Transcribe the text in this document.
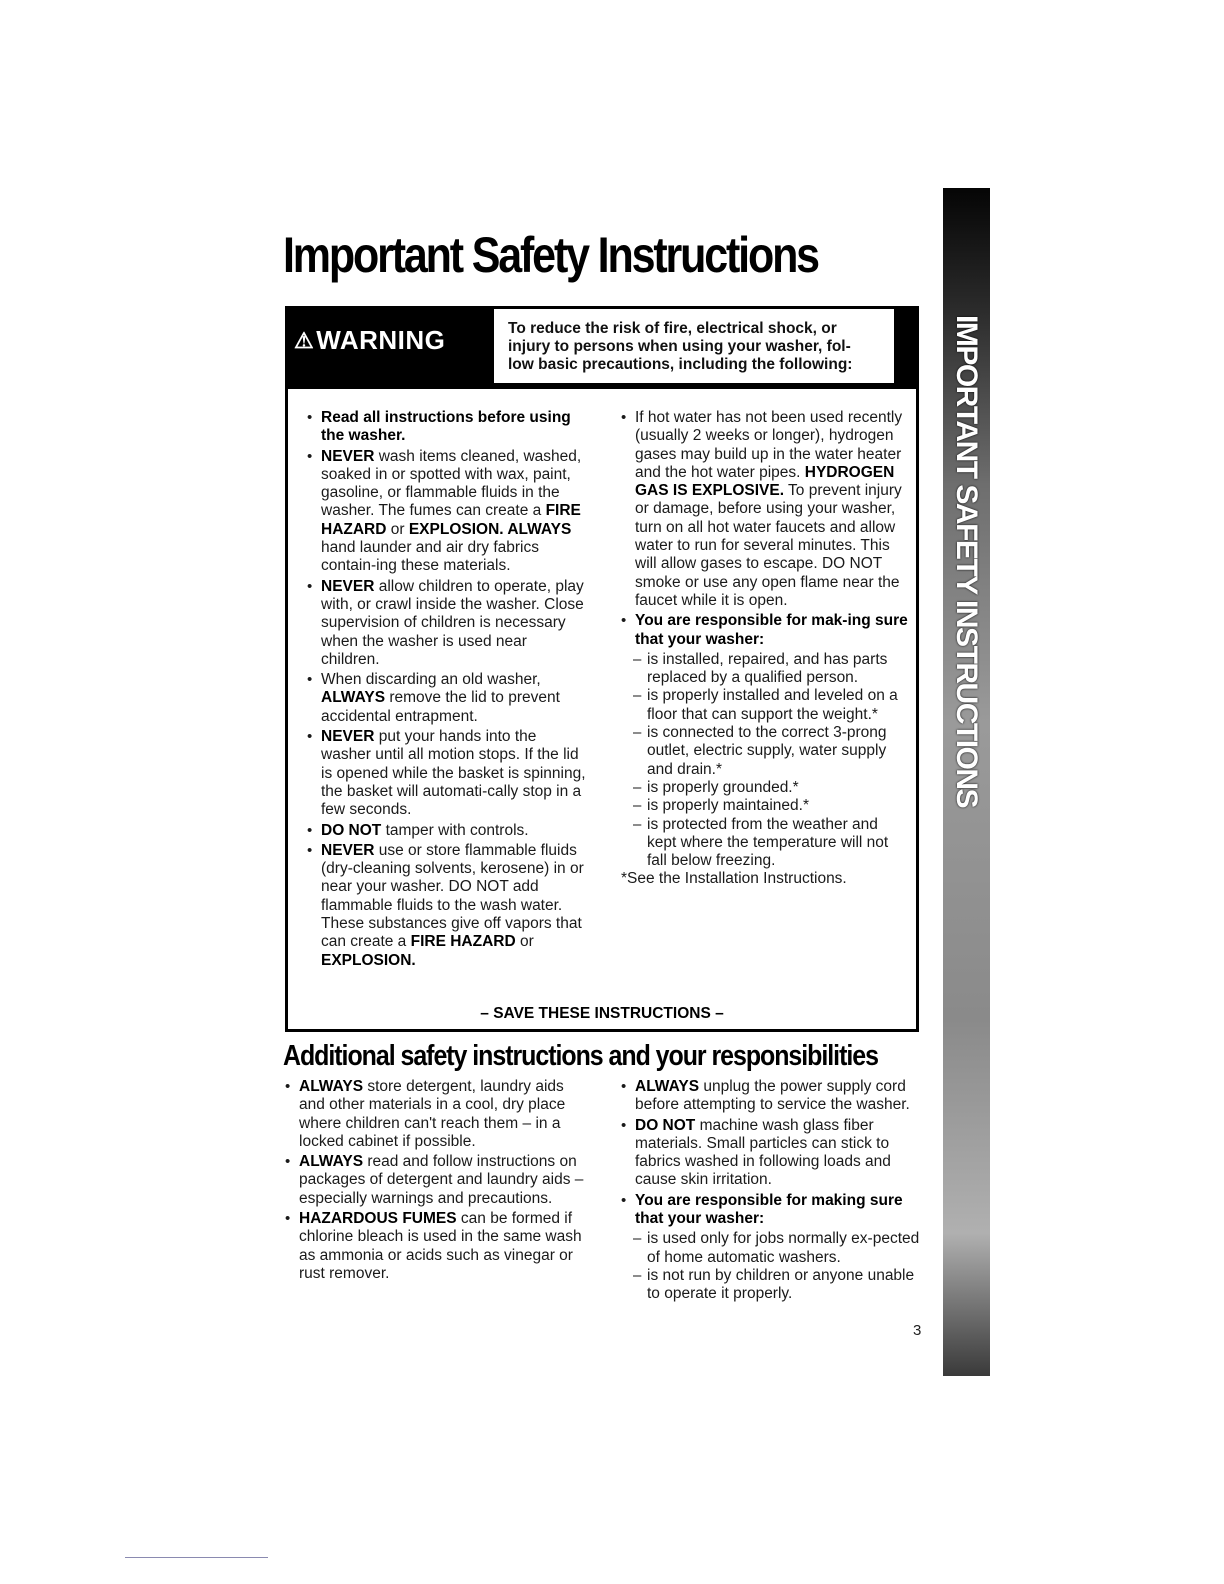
Important Safety Instructions
⚠ WARNING	To reduce the risk of fire, electrical shock, or
injury to persons when using your washer, fol-
low basic precautions, including the following:
• Read all instructions before using the washer.
• NEVER wash items cleaned, washed, soaked in or spotted with wax, paint, gasoline, or flammable fluids in the washer. The fumes can create a FIRE HAZARD or EXPLOSION. ALWAYS hand launder and air dry fabrics contain-ing these materials.
• NEVER allow children to operate, play with, or crawl inside the washer. Close supervision of children is necessary when the washer is used near children.
• When discarding an old washer, ALWAYS remove the lid to prevent accidental entrapment.
• NEVER put your hands into the washer until all motion stops. If the lid is opened while the basket is spinning, the basket will automati-cally stop in a few seconds.
• DO NOT tamper with controls.
• NEVER use or store flammable fluids (dry-cleaning solvents, kerosene) in or near your washer. DO NOT add flammable fluids to the wash water. These substances give off vapors that can create a FIRE HAZARD or EXPLOSION.
• If hot water has not been used recently (usually 2 weeks or longer), hydrogen gases may build up in the water heater and the hot water pipes. HYDROGEN GAS IS EXPLOSIVE. To prevent injury or damage, before using your washer, turn on all hot water faucets and allow water to run for several minutes. This will allow gases to escape. DO NOT smoke or use any open flame near the faucet while it is open.
• You are responsible for mak-ing sure that your washer:
– is installed, repaired, and has parts replaced by a qualified person.
– is properly installed and leveled on a floor that can support the weight.*
– is connected to the correct 3-prong outlet, electric supply, water supply and drain.*
– is properly grounded.*
– is properly maintained.*
– is protected from the weather and kept where the temperature will not fall below freezing.
*See the Installation Instructions.
– SAVE THESE INSTRUCTIONS –
Additional safety instructions and your responsibilities
• ALWAYS store detergent, laundry aids and other materials in a cool, dry place where children can't reach them – in a locked cabinet if possible.
• ALWAYS read and follow instructions on packages of detergent and laundry aids – especially warnings and precautions.
• HAZARDOUS FUMES can be formed if chlorine bleach is used in the same wash as ammonia or acids such as vinegar or rust remover.
• ALWAYS unplug the power supply cord before attempting to service the washer.
• DO NOT machine wash glass fiber materials. Small particles can stick to fabrics washed in following loads and cause skin irritation.
• You are responsible for making sure that your washer:
– is used only for jobs normally ex-pected of home automatic washers.
– is not run by children or anyone unable to operate it properly.
3
IMPORTANT SAFETY INSTRUCTIONS
